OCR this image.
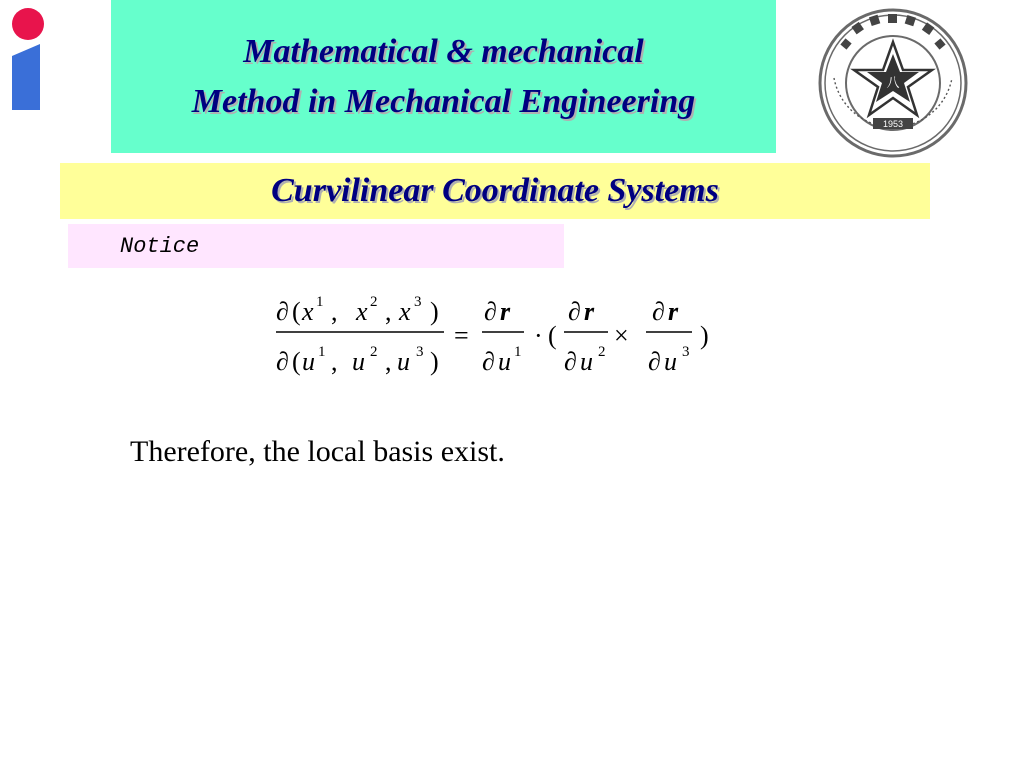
Mathematical & mechanical
Method in Mechanical Engineering	八
1953
Curvilinear Coordinate Systems
Notice
∂ ( x , x , x )
1	2 3
∂ ( u , u , u )
1	2	3
=
∂ r
∂ u 1
· (
∂ r
∂ u 2
×
∂ r
∂ u 3
)
Therefore, the local basis exist.
